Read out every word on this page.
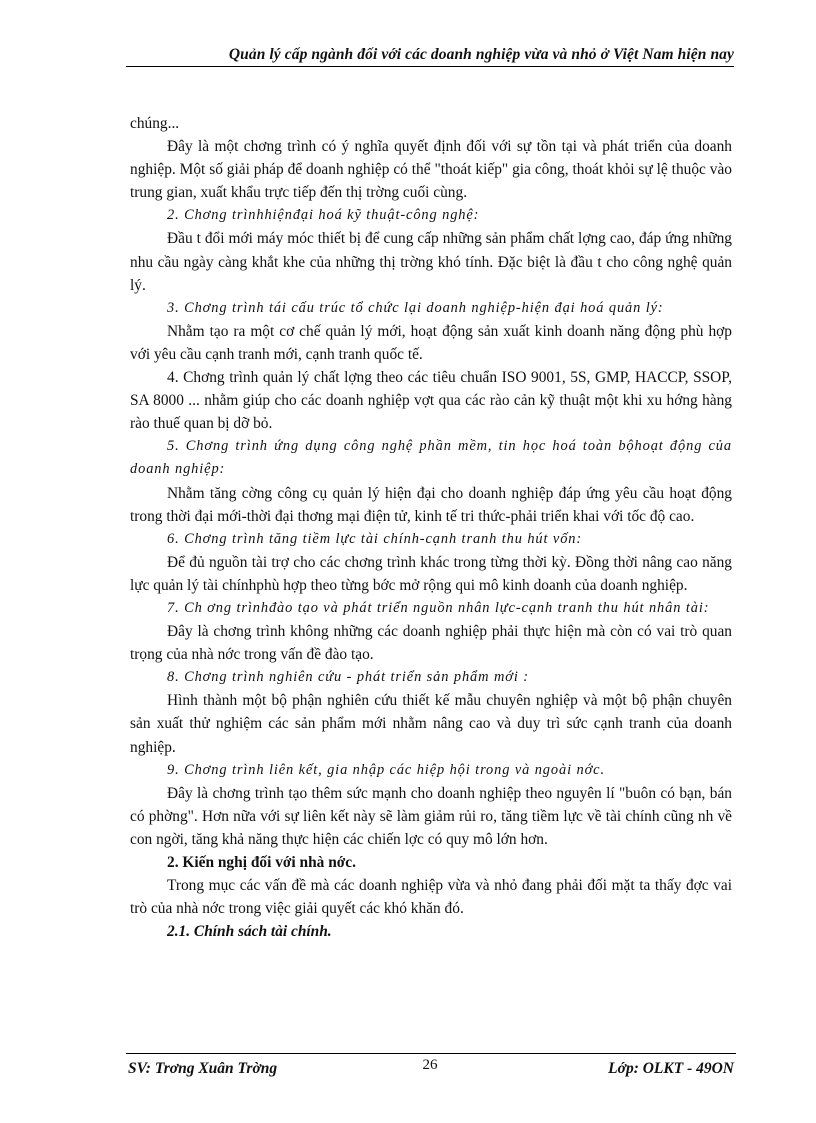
Quản lý cấp ngành đối với các doanh nghiệp vừa và nhỏ ở Việt Nam hiện nay

chúng...

Đây là một chơng trình có ý nghĩa quyết định đối với sự tồn tại và phát triển của doanh nghiệp. Một số giải pháp để doanh nghiệp có thể "thoát kiếp" gia công, thoát khỏi sự lệ thuộc vào trung gian, xuất khẩu trực tiếp đến thị trờng cuối cùng.

2. Chơng trìnhhiệnđại hoá kỹ thuật-công nghệ:

Đầu t đổi mới máy móc thiết bị để cung cấp những sản phẩm chất lợng cao, đáp ứng những nhu cầu ngày càng khắt khe của những thị trờng khó tính. Đặc biệt là đầu t cho công nghệ quản lý.

3. Chơng trình tái cấu trúc tổ chức lại doanh nghiệp-hiện đại hoá quản lý:

Nhằm tạo ra một cơ chế quản lý mới, hoạt động sản xuất kinh doanh năng động phù hợp với yêu cầu cạnh tranh mới, cạnh tranh quốc tế.

4. Chơng trình quản lý chất lợng theo các tiêu chuẩn ISO 9001, 5S, GMP, HACCP, SSOP, SA 8000 ... nhằm giúp cho các doanh nghiệp vợt qua các rào cản kỹ thuật một khi xu hớng hàng rào thuế quan bị dỡ bỏ.

5. Chơng trình ứng dụng công nghệ phần mềm, tin học hoá toàn bộhoạt động của doanh nghiệp:

Nhằm tăng cờng công cụ quản lý hiện đại cho doanh nghiệp đáp ứng yêu cầu hoạt động trong thời đại mới-thời đại thơng mại điện tử, kinh tế tri thức-phải triển khai với tốc độ cao.

6. Chơng trình tăng tiềm lực tài chính-cạnh tranh thu hút vốn:

Để đủ nguồn tài trợ cho các chơng trình khác trong từng thời kỳ. Đồng thời nâng cao năng lực quản lý tài chínhphù hợp theo từng bớc mở rộng qui mô kinh doanh của doanh nghiệp.

7. Ch ơng trìnhđào tạo và phát triển nguồn nhân lực-cạnh tranh thu hút nhân tài:

Đây là chơng trình không những các doanh nghiệp phải thực hiện mà còn có vai trò quan trọng của nhà nớc trong vấn đề đào tạo.

8. Chơng trình nghiên cứu - phát triển sản phẩm mới :

Hình thành một bộ phận nghiên cứu thiết kế mẫu chuyên nghiệp và một bộ phận chuyên sản xuất thử nghiệm các sản phẩm mới nhằm nâng cao và duy trì sức cạnh tranh của doanh nghiệp.

9. Chơng trình liên kết, gia nhập các hiệp hội trong và ngoài nớc.

Đây là chơng trình tạo thêm sức mạnh cho doanh nghiệp theo nguyên lí "buôn có bạn, bán có phờng". Hơn nữa với sự liên kết này sẽ làm giảm rủi ro, tăng tiềm lực về tài chính cũng nh về con ngời, tăng khả năng thực hiện các chiến lợc có quy mô lớn hơn.

2. Kiến nghị đối với nhà nớc.

Trong mục các vấn đề mà các doanh nghiệp vừa và nhỏ đang phải đối mặt ta thấy đợc vai trò của nhà nớc trong việc giải quyết các khó khăn đó.

2.1. Chính sách tài chính.

SV: Trơng Xuân Trờng	26	Lớp: OLKT - 49ON
